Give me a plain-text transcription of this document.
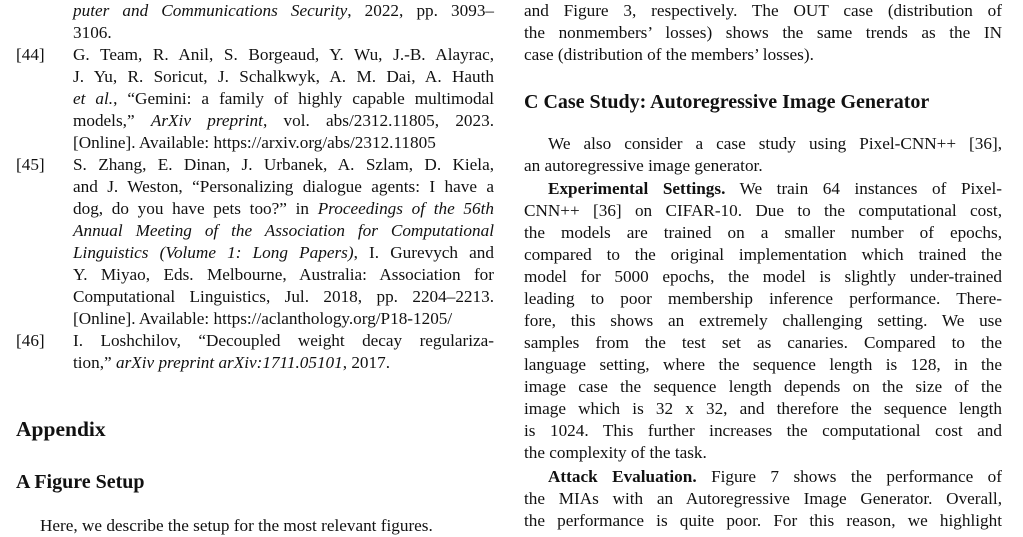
puter and Communications Security, 2022, pp. 3093–
3106.
[44] G. Team, R. Anil, S. Borgeaud, Y. Wu, J.-B. Alayrac,
J. Yu, R. Soricut, J. Schalkwyk, A. M. Dai, A. Hauth
et al., “Gemini: a family of highly capable multimodal
models,” ArXiv preprint, vol. abs/2312.11805, 2023.
[Online]. Available: https://arxiv.org/abs/2312.11805
[45] S. Zhang, E. Dinan, J. Urbanek, A. Szlam, D. Kiela,
and J. Weston, “Personalizing dialogue agents: I have a
dog, do you have pets too?” in Proceedings of the 56th
Annual Meeting of the Association for Computational
Linguistics (Volume 1: Long Papers), I. Gurevych and
Y. Miyao, Eds. Melbourne, Australia: Association for
Computational Linguistics, Jul. 2018, pp. 2204–2213.
[Online]. Available: https://aclanthology.org/P18-1205/
[46] I. Loshchilov, “Decoupled weight decay regulariza-
tion,” arXiv preprint arXiv:1711.05101, 2017.
Appendix
A Figure Setup
Here, we describe the setup for the most relevant figures.
and Figure 3, respectively. The OUT case (distribution of
the nonmembers’ losses) shows the same trends as the IN
case (distribution of the members’ losses).
C Case Study: Autoregressive Image Generator
We also consider a case study using Pixel-CNN++ [36],
an autoregressive image generator.
Experimental Settings. We train 64 instances of Pixel-
CNN++ [36] on CIFAR-10. Due to the computational cost,
the models are trained on a smaller number of epochs,
compared to the original implementation which trained the
model for 5000 epochs, the model is slightly under-trained
leading to poor membership inference performance. There-
fore, this shows an extremely challenging setting. We use
samples from the test set as canaries. Compared to the
language setting, where the sequence length is 128, in the
image case the sequence length depends on the size of the
image which is 32 x 32, and therefore the sequence length
is 1024. This further increases the computational cost and
the complexity of the task.
Attack Evaluation. Figure 7 shows the performance of
the MIAs with an Autoregressive Image Generator. Overall,
the performance is quite poor. For this reason, we highlight
